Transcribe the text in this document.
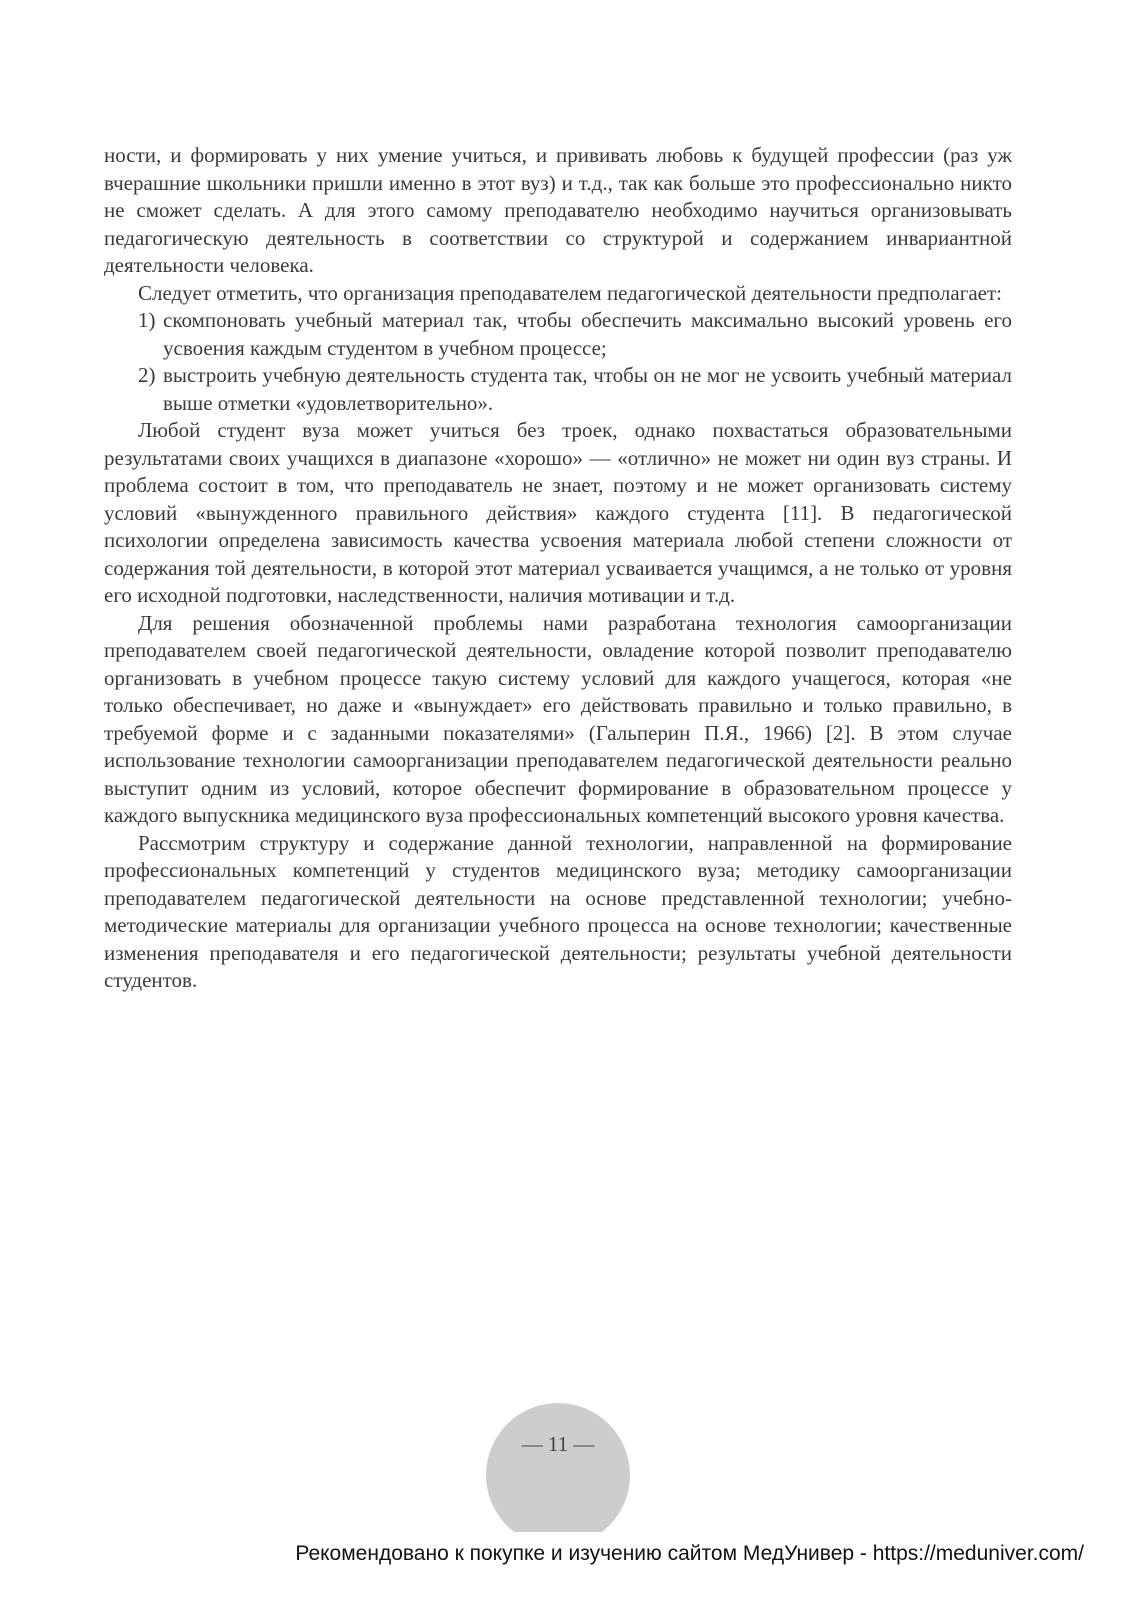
ности, и формировать у них умение учиться, и прививать любовь к будущей профессии (раз уж вчерашние школьники пришли именно в этот вуз) и т.д., так как больше это профессионально никто не сможет сделать. А для этого самому преподавателю необходимо научиться организовывать педагогическую деятельность в соответствии со структурой и содержанием инвариантной деятельности человека.

Следует отметить, что организация преподавателем педагогической деятельности предполагает:

1) скомпоновать учебный материал так, чтобы обеспечить максимально высокий уровень его усвоения каждым студентом в учебном процессе;
2) выстроить учебную деятельность студента так, чтобы он не мог не усвоить учебный материал выше отметки «удовлетворительно».

Любой студент вуза может учиться без троек, однако похвастаться образовательными результатами своих учащихся в диапазоне «хорошо» — «отлично» не может ни один вуз страны. И проблема состоит в том, что преподаватель не знает, поэтому и не может организовать систему условий «вынужденного правильного действия» каждого студента [11]. В педагогической психологии определена зависимость качества усвоения материала любой степени сложности от содержания той деятельности, в которой этот материал усваивается учащимся, а не только от уровня его исходной подготовки, наследственности, наличия мотивации и т.д.

Для решения обозначенной проблемы нами разработана технология самоорганизации преподавателем своей педагогической деятельности, овладение которой позволит преподавателю организовать в учебном процессе такую систему условий для каждого учащегося, которая «не только обеспечивает, но даже и «вынуждает» его действовать правильно и только правильно, в требуемой форме и с заданными показателями» (Гальперин П.Я., 1966) [2]. В этом случае использование технологии самоорганизации преподавателем педагогической деятельности реально выступит одним из условий, которое обеспечит формирование в образовательном процессе у каждого выпускника медицинского вуза профессиональных компетенций высокого уровня качества.

Рассмотрим структуру и содержание данной технологии, направленной на формирование профессиональных компетенций у студентов медицинского вуза; методику самоорганизации преподавателем педагогической деятельности на основе представленной технологии; учебно-методические материалы для организации учебного процесса на основе технологии; качественные изменения преподавателя и его педагогической деятельности; результаты учебной деятельности студентов.

— 11 —
Рекомендовано к покупке и изучению сайтом МедУнивер - https://meduniver.com/
